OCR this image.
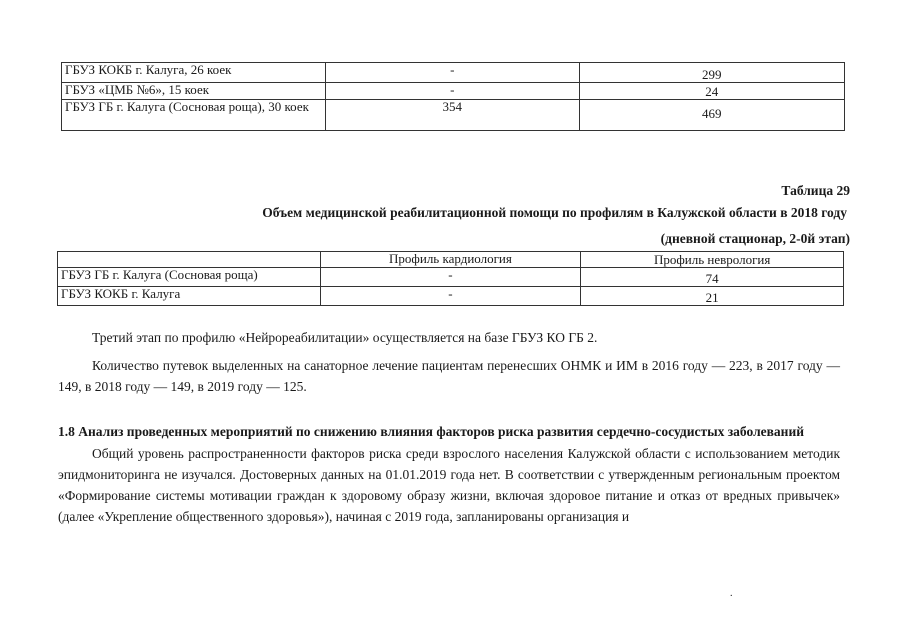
ГБУЗ КОКБ г. Калуга, 26 коек	-	299
ГБУЗ «ЦМБ №6», 15 коек	-	24
ГБУЗ ГБ г. Калуга (Сосновая роща), 30 коек	354	469
Таблица 29
Объем медицинской реабилитационной помощи по профилям в Калужской области в 2018 году
(дневной стационар, 2-0й этап)
	Профиль кардиология	Профиль неврология
ГБУЗ ГБ г. Калуга (Сосновая роща)	-	74
ГБУЗ КОКБ г. Калуга	-	21
Третий этап по профилю «Нейрореабилитации» осуществляется на базе ГБУЗ КО ГБ 2.
Количество путевок выделенных на санаторное лечение пациентам перенесших ОНМК и ИМ в 2016 году — 223, в 2017 году — 149, в 2018 году — 149, в 2019 году — 125.
1.8 Анализ проведенных мероприятий по снижению влияния факторов риска развития сердечно-сосудистых заболеваний
Общий уровень распространенности факторов риска среди взрослого населения Калужской области с использованием методик эпидмониторинга не изучался. Достоверных данных на 01.01.2019 года нет. В соответствии с утвержденным региональным проектом «Формирование системы мотивации граждан к здоровому образу жизни, включая здоровое питание и отказ от вредных привычек» (далее «Укрепление общественного здоровья»), начиная с 2019 года, запланированы организация и
.
